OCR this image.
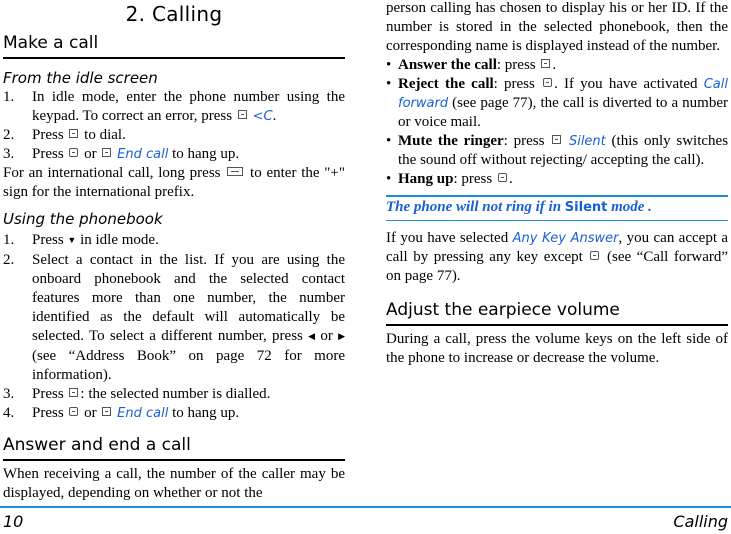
2. Calling
Make a call
From the idle screen
1. In idle mode, enter the phone number using the keypad. To correct an error, press <C.
2. Press  to dial.
3. Press or End call to hang up.

For an international call, long press to enter the "+" sign for the international prefix.

Using the phonebook
1. Press ▼ in idle mode.
2. Select a contact in the list. If you are using the onboard phonebook and the selected contact features more than one number, the number identified as the default will automatically be selected. To select a different number, press ◀ or ▶ (see “Address Book” on page 72 for more information).
3. Press : the selected number is dialled.
4. Press or End call to hang up.
Answer and end a call

When receiving a call, the number of the caller may be displayed, depending on whether or not the

person calling has chosen to display his or her ID. If the number is stored in the selected phonebook, then the corresponding name is displayed instead of the number.

• Answer the call: press .
• Reject the call: press . If you have activated Call forward (see page 77), the call is diverted to a number or voice mail.
• Mute the ringer: press Silent (this only switches the sound off without rejecting/ accepting the call).
• Hang up: press .
The phone will not ring if in Silent mode .

If you have selected Any Key Answer, you can accept a call by pressing any key except (see “Call forward” on page 77).

Adjust the earpiece volume

During a call, press the volume keys on the left side of the phone to increase or decrease the volume.

10	Calling
